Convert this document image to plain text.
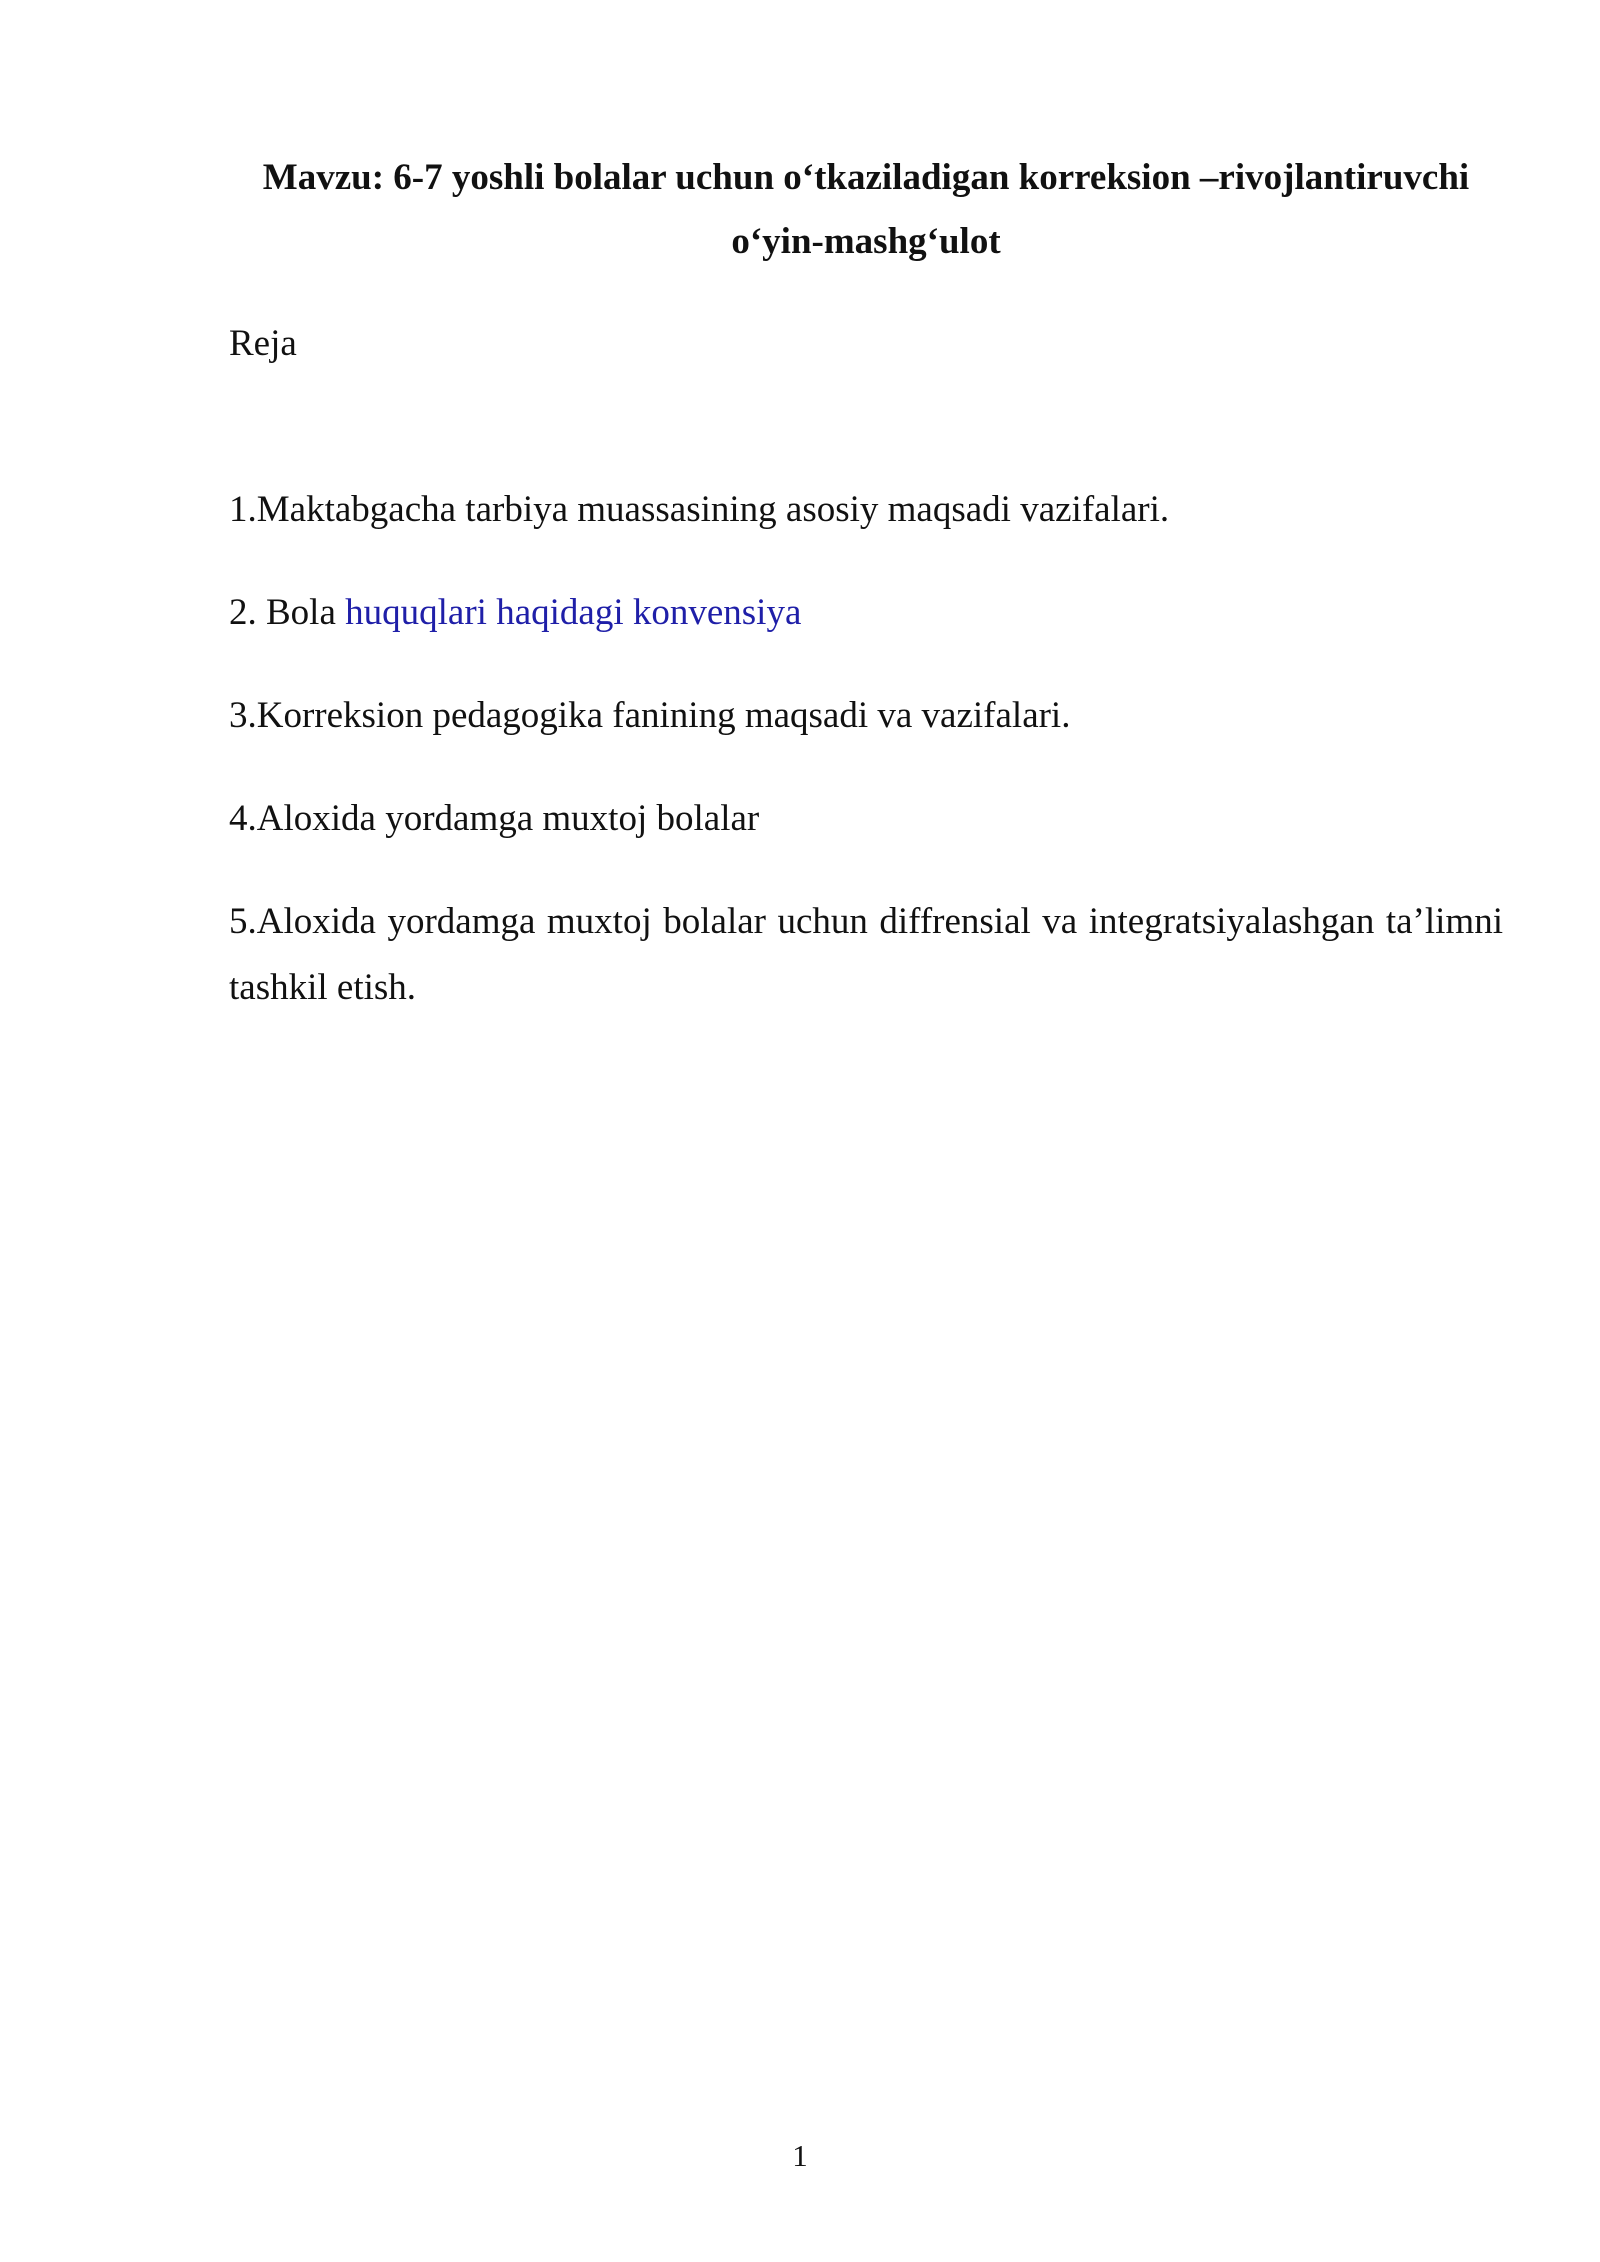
Mavzu: 6-7 yoshli bolalar uchun o‘tkaziladigan korreksion –rivojlantiruvchi
o‘yin-mashg‘ulot

Reja

1.Maktabgacha tarbiya muassasining asosiy maqsadi vazifalari.
2. Bola huquqlari haqidagi konvensiya
3.Korreksion pedagogika fanining maqsadi va vazifalari.
4.Aloxida yordamga muxtoj bolalar
5.Aloxida yordamga muxtoj bolalar uchun diffrensial va integratsiyalashgan ta’limni tashkil etish.
1
